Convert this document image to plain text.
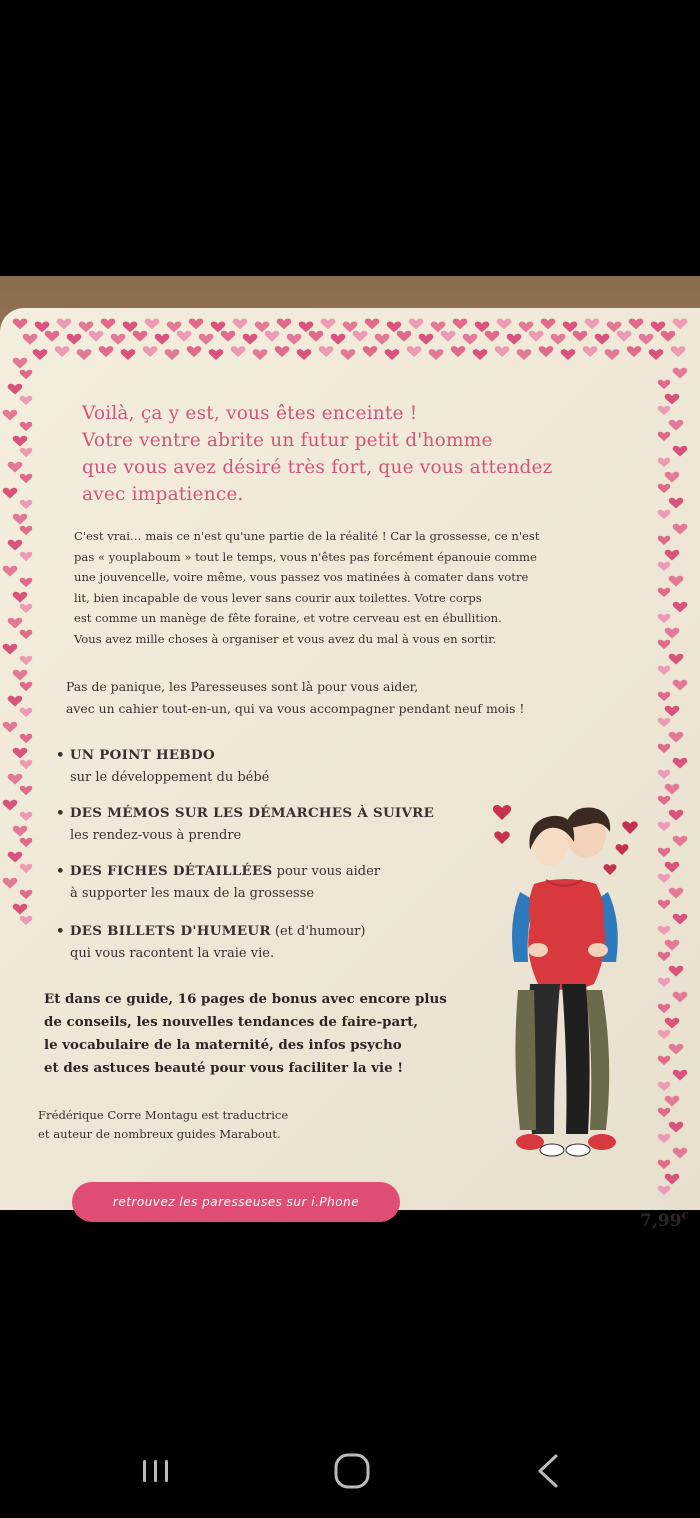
Voilà, ça y est, vous êtes enceinte !
Votre ventre abrite un futur petit d'homme
que vous avez désiré très fort, que vous attendez
avec impatience.
C'est vrai… mais ce n'est qu'une partie de la réalité ! Car la grossesse, ce n'est
pas « youplaboum » tout le temps, vous n'êtes pas forcément épanouie comme
une jouvencelle, voire même, vous passez vos matinées à comater dans votre
lit, bien incapable de vous lever sans courir aux toilettes. Votre corps
est comme un manège de fête foraine, et votre cerveau est en ébullition.
Vous avez mille choses à organiser et vous avez du mal à vous en sortir.
Pas de panique, les Paresseuses sont là pour vous aider,
avec un cahier tout-en-un, qui va vous accompagner pendant neuf mois !
• UN POINT HEBDO
sur le développement du bébé
• DES MÉMOS SUR LES DÉMARCHES À SUIVRE
les rendez-vous à prendre
• DES FICHES DÉTAILLÉES pour vous aider
à supporter les maux de la grossesse
• DES BILLETS D'HUMEUR (et d'humour)
qui vous racontent la vraie vie.
Et dans ce guide, 16 pages de bonus avec encore plus
de conseils, les nouvelles tendances de faire-part,
le vocabulaire de la maternité, des infos psycho
et des astuces beauté pour vous faciliter la vie !
Frédérique Corre Montagu est traductrice
et auteur de nombreux guides Marabout.
retrouvez les paresseuses sur i.Phone
7,99€
